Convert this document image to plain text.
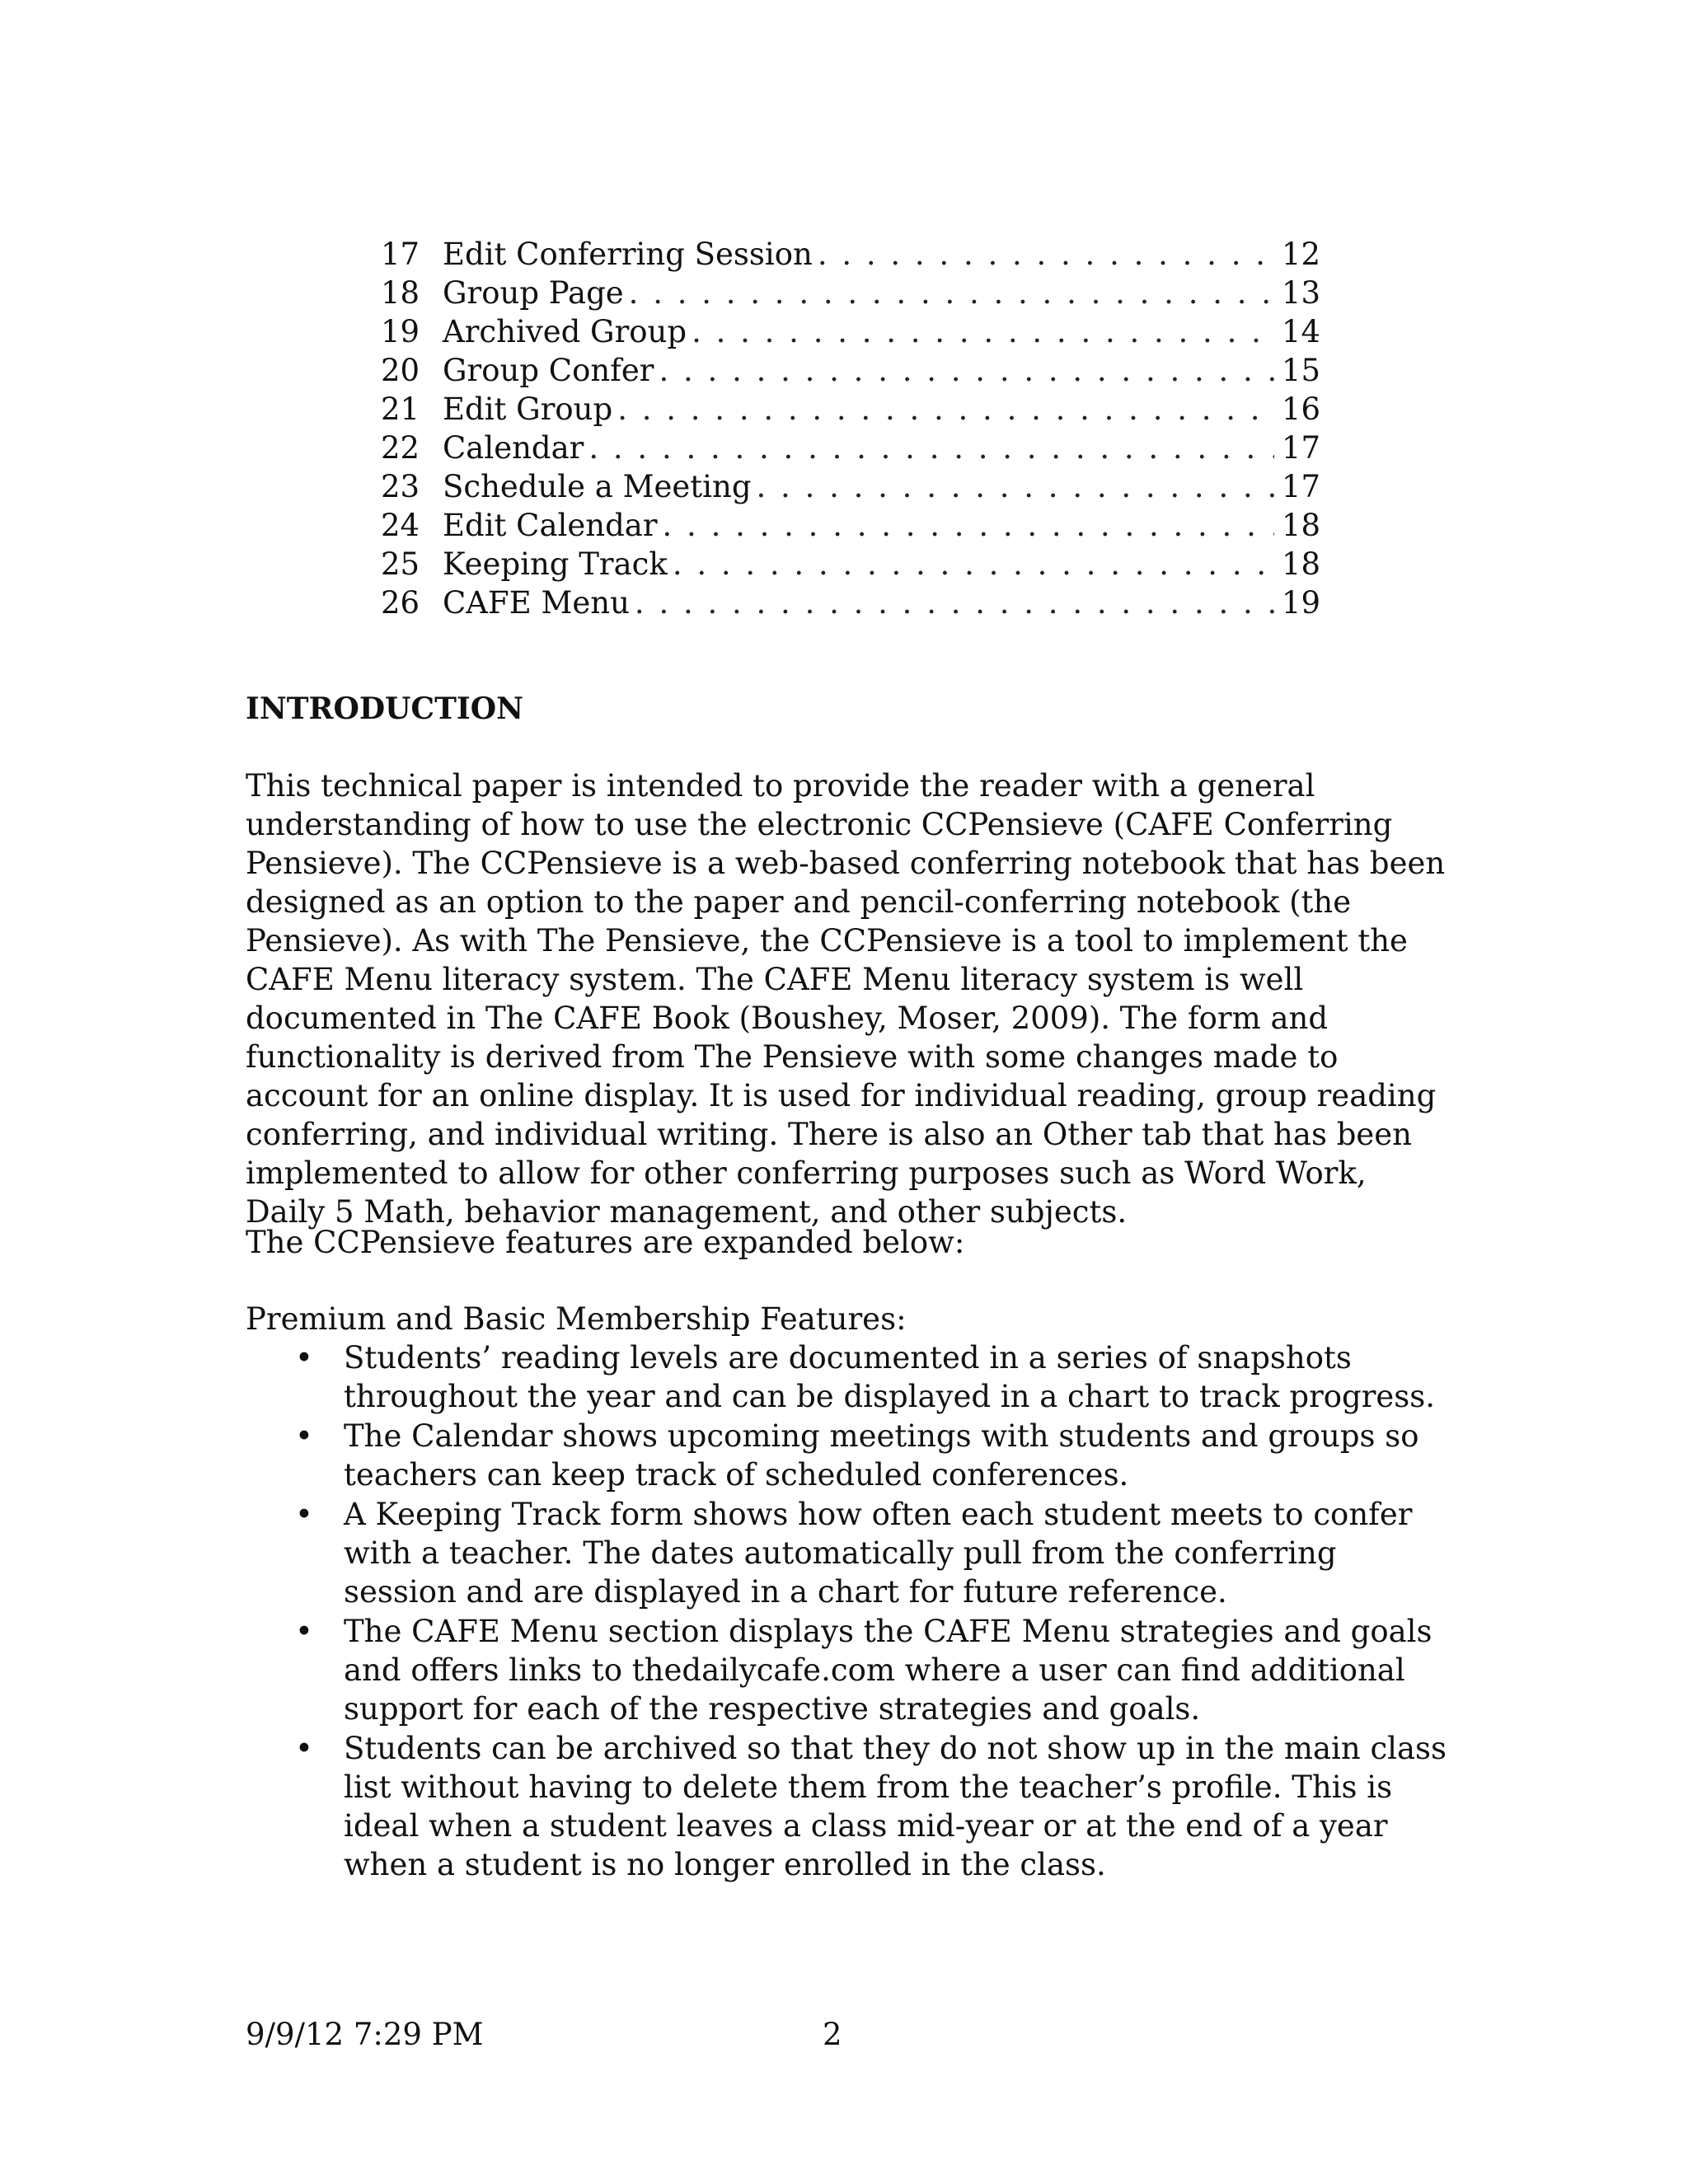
17 Edit Conferring Session . . .	12
18 Group Page . . .	13
19 Archived Group . . .	14
20 Group Confer . . .	15
21 Edit Group . . .	16
22 Calendar . . .	17
23 Schedule a Meeting . . .	17
24 Edit Calendar . . .	18
25 Keeping Track . . .	18
26 CAFE Menu . . .	19
INTRODUCTION

This technical paper is intended to provide the reader with a general understanding of how to use the electronic CCPensieve (CAFE Conferring Pensieve). The CCPensieve is a web-based conferring notebook that has been designed as an option to the paper and pencil-conferring notebook (the Pensieve). As with The Pensieve, the CCPensieve is a tool to implement the CAFE Menu literacy system. The CAFE Menu literacy system is well documented in The CAFE Book (Boushey, Moser, 2009). The form and functionality is derived from The Pensieve with some changes made to account for an online display. It is used for individual reading, group reading conferring, and individual writing. There is also an Other tab that has been implemented to allow for other conferring purposes such as Word Work, Daily 5 Math, behavior management, and other subjects.

The CCPensieve features are expanded below:

Premium and Basic Membership Features:

• Students’ reading levels are documented in a series of snapshots throughout the year and can be displayed in a chart to track progress.
• The Calendar shows upcoming meetings with students and groups so teachers can keep track of scheduled conferences.
• A Keeping Track form shows how often each student meets to confer with a teacher. The dates automatically pull from the conferring session and are displayed in a chart for future reference.
• The CAFE Menu section displays the CAFE Menu strategies and goals and offers links to thedailycafe.com where a user can find additional support for each of the respective strategies and goals.
• Students can be archived so that they do not show up in the main class list without having to delete them from the teacher’s profile. This is ideal when a student leaves a class mid-year or at the end of a year when a student is no longer enrolled in the class.
9/9/12 7:29 PM	2
